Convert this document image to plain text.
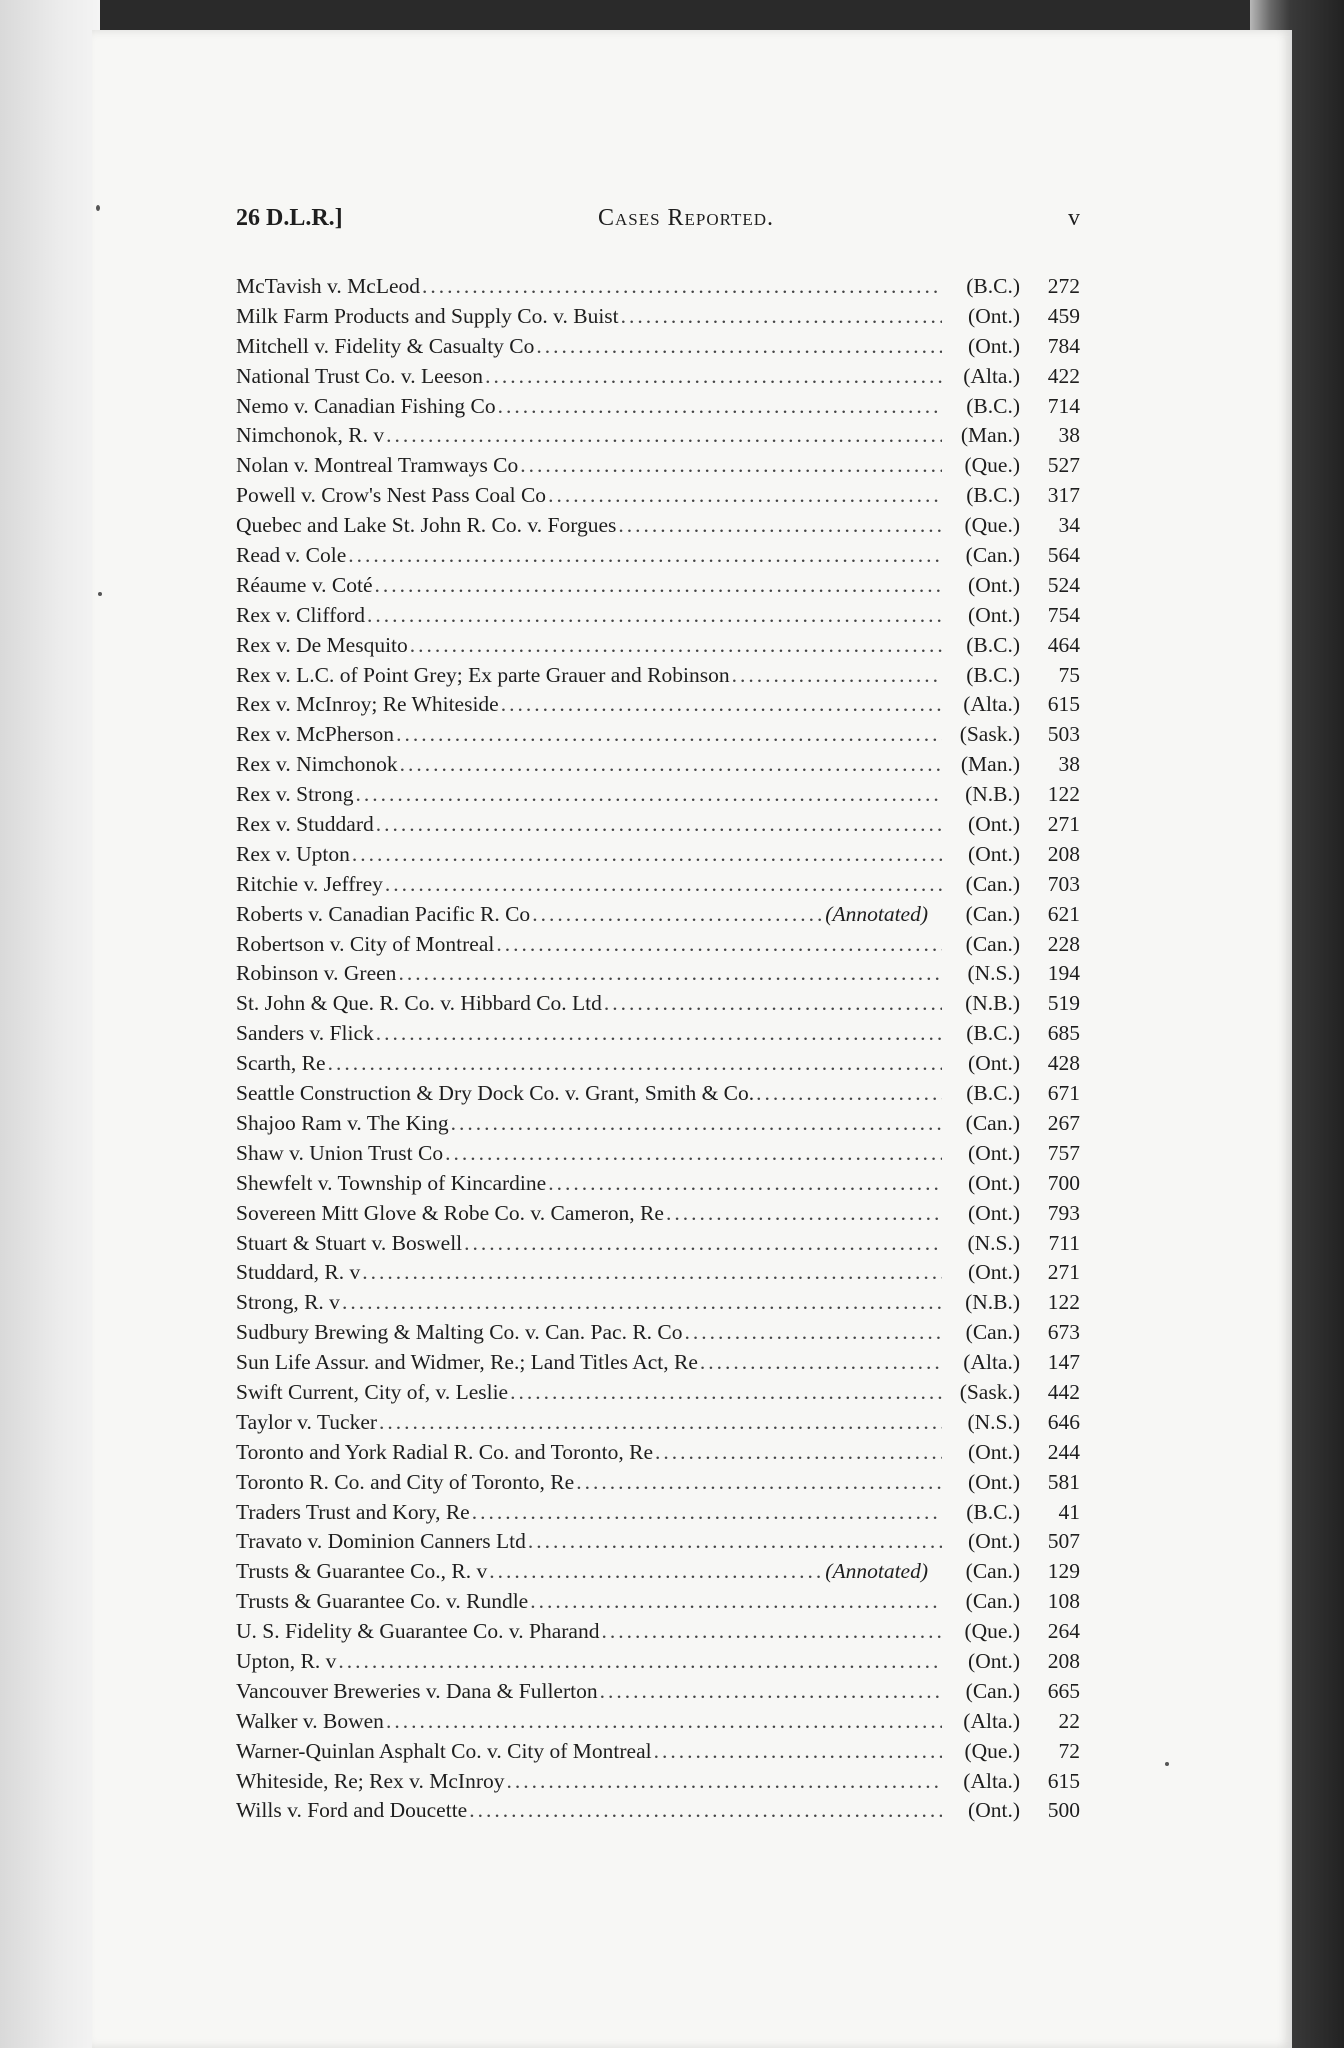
26 D.L.R.]	Cases Reported.	v
McTavish v. McLeod .....	(B.C.)	272
Milk Farm Products and Supply Co. v. Buist .....	(Ont.)	459
Mitchell v. Fidelity & Casualty Co .....	(Ont.)	784
National Trust Co. v. Leeson .....	(Alta.)	422
Nemo v. Canadian Fishing Co .....	(B.C.)	714
Nimchonok, R. v .....	(Man.)	38
Nolan v. Montreal Tramways Co .....	(Que.)	527
Powell v. Crow's Nest Pass Coal Co .....	(B.C.)	317
Quebec and Lake St. John R. Co. v. Forgues .....	(Que.)	34
Read v. Cole .....	(Can.)	564
Réaume v. Coté .....	(Ont.)	524
Rex v. Clifford .....	(Ont.)	754
Rex v. De Mesquito .....	(B.C.)	464
Rex v. L.C. of Point Grey; Ex parte Grauer and Robinson .....	(B.C.)	75
Rex v. McInroy; Re Whiteside .....	(Alta.)	615
Rex v. McPherson .....	(Sask.)	503
Rex v. Nimchonok .....	(Man.)	38
Rex v. Strong .....	(N.B.)	122
Rex v. Studdard .....	(Ont.)	271
Rex v. Upton .....	(Ont.)	208
Ritchie v. Jeffrey .....	(Can.)	703
Roberts v. Canadian Pacific R. Co .....	(Annotated)	(Can.)	621
Robertson v. City of Montreal .....	(Can.)	228
Robinson v. Green .....	(N.S.)	194
St. John & Que. R. Co. v. Hibbard Co. Ltd .....	(N.B.)	519
Sanders v. Flick .....	(B.C.)	685
Scarth, Re .....	(Ont.)	428
Seattle Construction & Dry Dock Co. v. Grant, Smith & Co. .....	(B.C.)	671
Shajoo Ram v. The King .....	(Can.)	267
Shaw v. Union Trust Co .....	(Ont.)	757
Shewfelt v. Township of Kincardine .....	(Ont.)	700
Sovereen Mitt Glove & Robe Co. v. Cameron, Re .....	(Ont.)	793
Stuart & Stuart v. Boswell .....	(N.S.)	711
Studdard, R. v .....	(Ont.)	271
Strong, R. v .....	(N.B.)	122
Sudbury Brewing & Malting Co. v. Can. Pac. R. Co .....	(Can.)	673
Sun Life Assur. and Widmer, Re.; Land Titles Act, Re .....	(Alta.)	147
Swift Current, City of, v. Leslie .....	(Sask.)	442
Taylor v. Tucker .....	(N.S.)	646
Toronto and York Radial R. Co. and Toronto, Re .....	(Ont.)	244
Toronto R. Co. and City of Toronto, Re .....	(Ont.)	581
Traders Trust and Kory, Re .....	(B.C.)	41
Travato v. Dominion Canners Ltd .....	(Ont.)	507
Trusts & Guarantee Co., R. v .....	(Annotated)	(Can.)	129
Trusts & Guarantee Co. v. Rundle .....	(Can.)	108
U. S. Fidelity & Guarantee Co. v. Pharand .....	(Que.)	264
Upton, R. v .....	(Ont.)	208
Vancouver Breweries v. Dana & Fullerton .....	(Can.)	665
Walker v. Bowen .....	(Alta.)	22
Warner-Quinlan Asphalt Co. v. City of Montreal .....	(Que.)	72
Whiteside, Re; Rex v. McInroy .....	(Alta.)	615
Wills v. Ford and Doucette .....	(Ont.)	500
